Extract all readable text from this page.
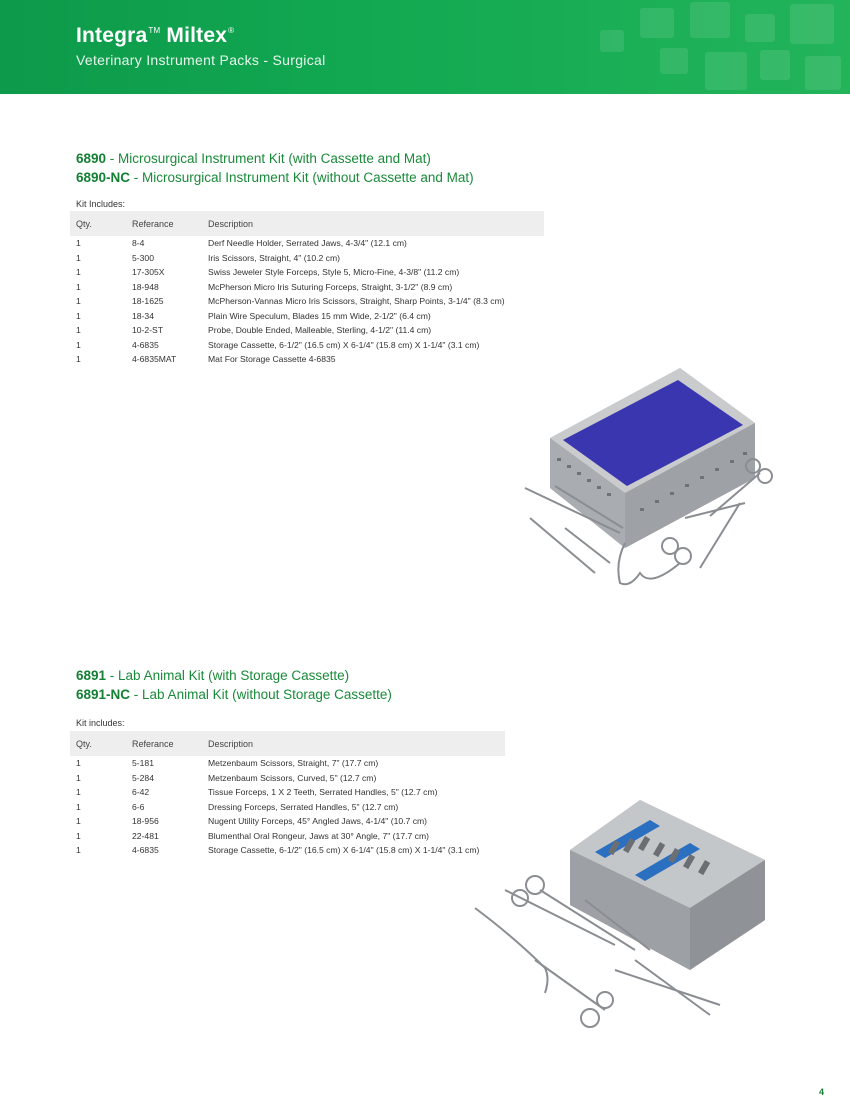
Integra™ Miltex®
Veterinary Instrument Packs - Surgical
6890 - Microsurgical Instrument Kit (with Cassette and Mat)
6890-NC - Microsurgical Instrument Kit (without Cassette and Mat)
Kit Includes:
Qty.	Referance	Description
1	8-4	Derf Needle Holder, Serrated Jaws, 4-3/4" (12.1 cm)
1	5-300	Iris Scissors, Straight, 4" (10.2 cm)
1	17-305X	Swiss Jeweler Style Forceps, Style 5, Micro-Fine, 4-3/8" (11.2 cm)
1	18-948	McPherson Micro Iris Suturing Forceps, Straight, 3-1/2" (8.9 cm)
1	18-1625	McPherson-Vannas Micro Iris Scissors, Straight, Sharp Points, 3-1/4" (8.3 cm)
1	18-34	Plain Wire Speculum, Blades 15 mm Wide, 2-1/2" (6.4 cm)
1	10-2-ST	Probe, Double Ended, Malleable, Sterling, 4-1/2" (11.4 cm)
1	4-6835	Storage Cassette, 6-1/2" (16.5 cm) X 6-1/4" (15.8 cm) X 1-1/4" (3.1 cm)
1	4-6835MAT	Mat For Storage Cassette 4-6835
6891 - Lab Animal Kit (with Storage Cassette)
6891-NC - Lab Animal Kit (without Storage Cassette)
Kit includes:
Qty.	Referance	Description
1	5-181	Metzenbaum Scissors, Straight, 7" (17.7 cm)
1	5-284	Metzenbaum Scissors, Curved, 5" (12.7 cm)
1	6-42	Tissue Forceps, 1 X 2 Teeth, Serrated Handles, 5" (12.7 cm)
1	6-6	Dressing Forceps, Serrated Handles, 5" (12.7 cm)
1	18-956	Nugent Utility Forceps, 45° Angled Jaws, 4-1/4" (10.7 cm)
1	22-481	Blumenthal Oral Rongeur, Jaws at 30° Angle, 7" (17.7 cm)
1	4-6835	Storage Cassette, 6-1/2" (16.5 cm) X 6-1/4" (15.8 cm) X 1-1/4" (3.1 cm)
4
